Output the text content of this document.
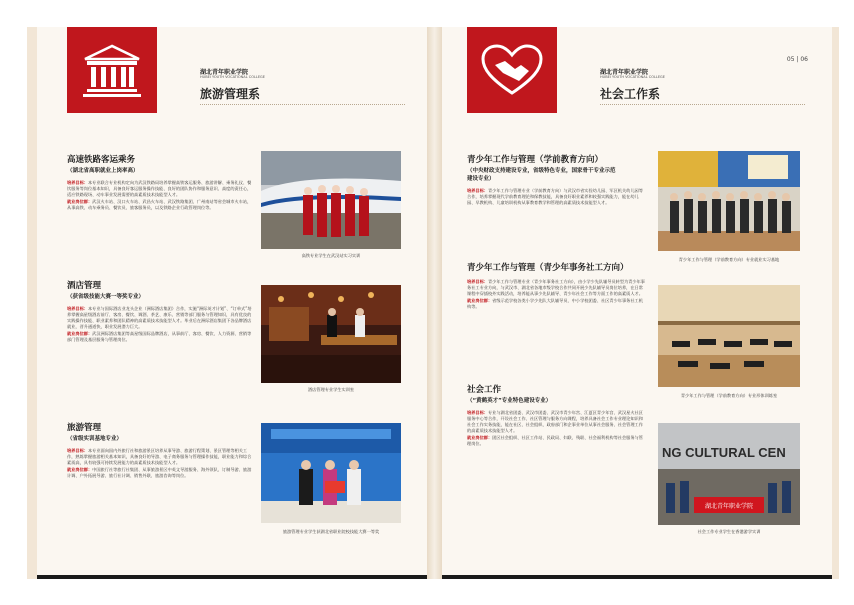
湖北青年职业学院
HUBEI YOUTH VOCATIONAL COLLEGE
旅游管理系
高速铁路客运乘务
（湖北省高职就业上岗率高）
培养目标：本专业联合专业机构定向为武汉铁路局培养掌握高铁客运服务、旅游讲解、乘务礼仪、餐饮服务等岗位基本知识，具备良好客运服务操作技能、良好的团队协作和服务意识、高度的责任心，适应铁路现场、动车事业发展需要的高素质技术技能型人才。
就业岗位群：武汉火车站、汉口火车站、武昌火车站、武汉铁路集团、广州南站等省会城市火车站，从事高铁、动车乘务员、餐饮员、旅客服务员，以及铁路企业行政管理岗位等。
高铁专业学生在武汉站实习实训
酒店管理
（获省级技能大赛一等奖专业）
培养目标：本专业与国际酒店业龙头企业（洲际酒店集团）合作，实施“洲际英才计划”、“订单式”培养掌握高星级酒店前厅、客房、餐饮、调酒、茶艺、康乐、营销等部门服务与管理知识，具有优良的实践操作技能、职业素养和团队精神的高素质技术技能型人才。毕业后在洲际酒店集团下各品牌酒店就业，晋升通道快，职业发展潜力巨大。
就业岗位群：武汉洲际酒店集团等高星级国际品牌酒店，从事前厅、客房、餐饮、人力资源、营销等部门管理及基层服务与管理岗位。
酒店管理专业学生实训室
旅游管理
（省级实训基地专业）
培养目标：本专业面向国内外旅行社和旅游景区培养从事导游、旅游行程策划、景区管理等相关工作，熟练掌握旅游相关基本知识，具备良好的导游、电子商务服务与管理操作技能，职业能力和综合素质高，具有较强可持续发展能力的高素质技术技能型人才。
就业岗位群：中国旅行社等旅行社集团、从事旅游景区中英文导游服务、海外领队、订制导游、旅游计调、户外拓展导游、旅行社计调、销售外联、旅游咨询等岗位。
旅游管理专业学生获湖北省职业院校技能大赛一等奖
湖北青年职业学院
HUBEI YOUTH VOCATIONAL COLLEGE
社会工作系
05 | 06
青少年工作与管理（学前教育方向）
（中央财政支持建设专业，省级特色专业，国家骨干专业示范建设专业）
培养目标：青少年工作与管理专业（学前教育方向）与武汉市省实验幼儿园、军区机关幼儿园等合作，培养掌握现代学前教育理论和保教技能，具备良好职业素养和较强实践能力，能在幼儿园、早教机构、儿童培训机构从事教育教学和管理的高素质技术技能型人才。
青少年工作与管理（学前教育方向）专业就业实习基地
青少年工作与管理（青少年事务社工方向）
培养目标：青少年工作与管理专业（青少年事务社工方向），由小学少先队辅导员转型为青少年事务社工专业方向，与武汉市、湖北省各地市级学校合作共同开展少先队辅导员岗位培养，在日常课程中穿插校外实践活动，培养能从事少先队辅导、青少年社会工作等方面工作的高素质人才。
就业岗位群：省级示范学校各类小学少先队大队辅导员、中小学校团委、社区青少年事务社工机构等。
青少年工作与管理（学前教育方向）专业形体训练室
社会工作
（“黄鹤英才”专业特色建设专业）
培养目标：专业与湖北省团委、武汉市团委、武汉市青少年宫、江夏区青少年宫、武汉星火社区服务中心等合作，开设社会工作、社区管理与服务方向课程，培养具备社会工作专业理论知识和社会工作实务技能，能在社区、社会组织、政府部门和企事业单位从事社会服务、社会管理工作的高素质技术技能型人才。
就业岗位群：团区社会组织、社区工作站、民政局、妇联、残联、社会福利机构等社会服务与管理岗位。
NG CULTURAL CEN
湖北青年职业学院
社会工作专业学生在香港游学实训
